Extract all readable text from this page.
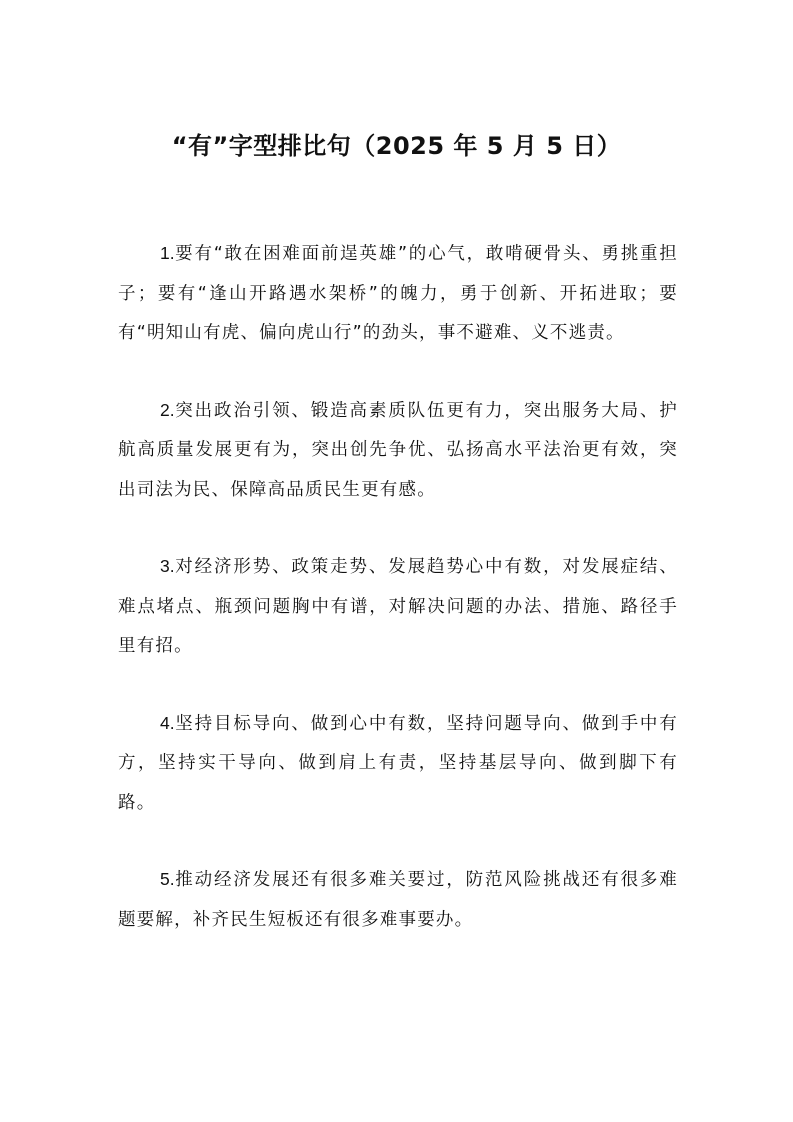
“有”字型排比句（2025 年 5 月 5 日）

1.要有“敢在困难面前逞英雄”的心气，敢啃硬骨头、勇挑重担子；要有“逢山开路遇水架桥”的魄力，勇于创新、开拓进取；要有“明知山有虎、偏向虎山行”的劲头，事不避难、义不逃责。

2.突出政治引领、锻造高素质队伍更有力，突出服务大局、护航高质量发展更有为，突出创先争优、弘扬高水平法治更有效，突出司法为民、保障高品质民生更有感。

3.对经济形势、政策走势、发展趋势心中有数，对发展症结、难点堵点、瓶颈问题胸中有谱，对解决问题的办法、措施、路径手里有招。

4.坚持目标导向、做到心中有数，坚持问题导向、做到手中有方，坚持实干导向、做到肩上有责，坚持基层导向、做到脚下有路。

5.推动经济发展还有很多难关要过，防范风险挑战还有很多难题要解，补齐民生短板还有很多难事要办。
